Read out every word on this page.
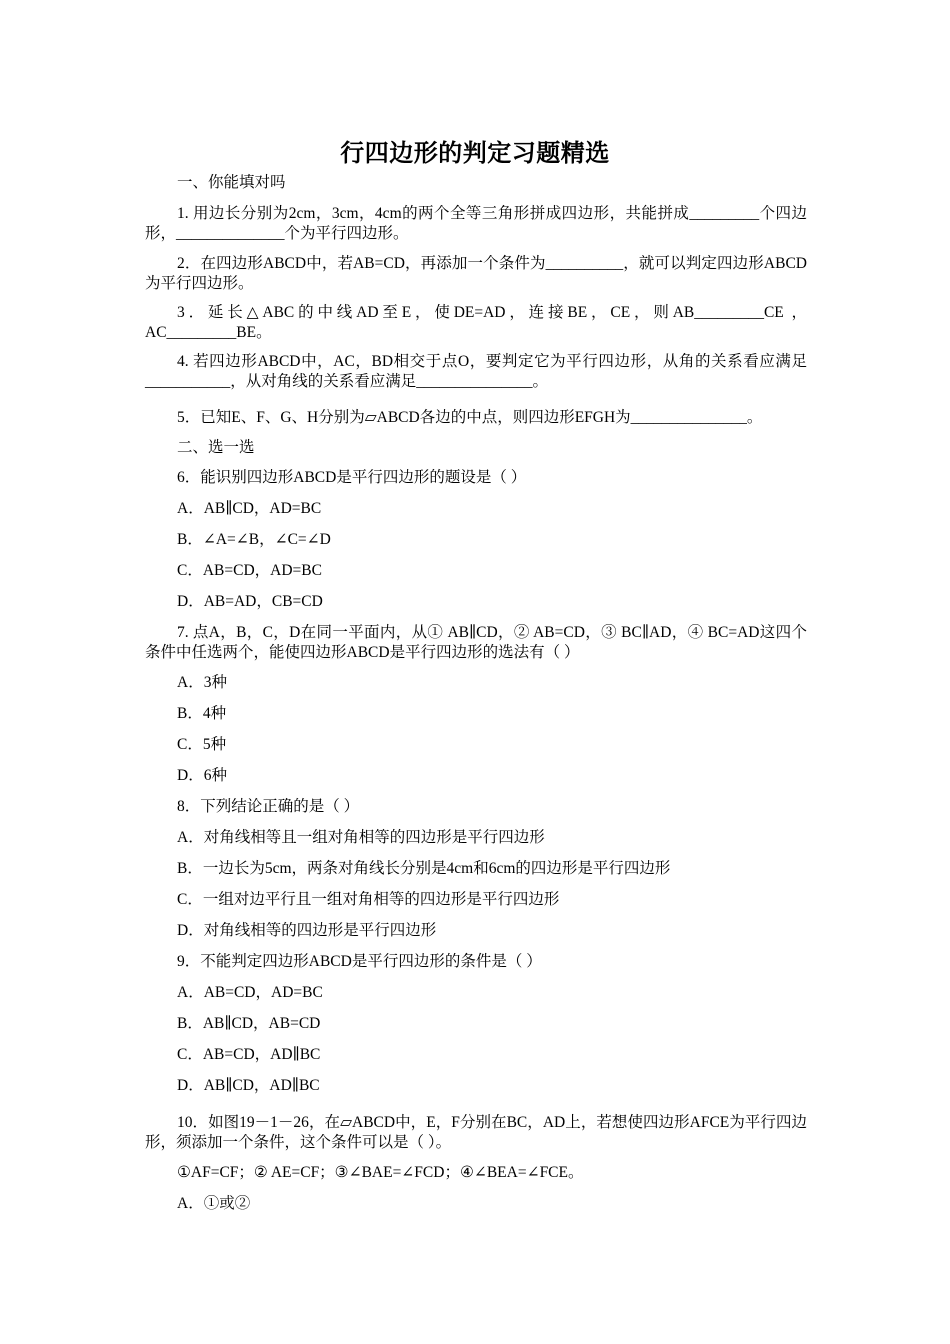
行四边形的判定习题精选
一、你能填对吗
1. 用边长分别为2cm，3cm，4cm的两个全等三角形拼成四边形，共能拼成_________个四边形，______________个为平行四边形。
2．在四边形ABCD中，若AB=CD，再添加一个条件为__________，就可以判定四边形ABCD为平行四边形。
3．延长△ABC的中线AD至E，使DE=AD，连接BE，CE，则AB_________CE ，AC_________BE。
4. 若四边形ABCD中，AC，BD相交于点O，要判定它为平行四边形，从角的关系看应满足___________，从对角线的关系看应满足_______________。
5．已知E、F、G、H分别为▱ABCD各边的中点，则四边形EFGH为_______________。
二、选一选
6．能识别四边形ABCD是平行四边形的题设是（ ）
A．AB∥CD，AD=BC
B．∠A=∠B，∠C=∠D
C．AB=CD，AD=BC
D．AB=AD，CB=CD
7. 点A，B，C，D在同一平面内，从① AB∥CD，② AB=CD，③ BC∥AD，④ BC=AD这四个条件中任选两个，能使四边形ABCD是平行四边形的选法有（ ）
A．3种
B．4种
C．5种
D．6种
8．下列结论正确的是（ ）
A．对角线相等且一组对角相等的四边形是平行四边形
B．一边长为5cm，两条对角线长分别是4cm和6cm的四边形是平行四边形
C．一组对边平行且一组对角相等的四边形是平行四边形
D．对角线相等的四边形是平行四边形
9．不能判定四边形ABCD是平行四边形的条件是（ ）
A．AB=CD，AD=BC
B．AB∥CD，AB=CD
C．AB=CD，AD∥BC
D．AB∥CD，AD∥BC
10．如图19－1－26，在▱ABCD中，E，F分别在BC，AD上，若想使四边形AFCE为平行四边形，须添加一个条件，这个条件可以是（ ）。
①AF=CF；② AE=CF；③∠BAE=∠FCD；④∠BEA=∠FCE。
A．①或②
